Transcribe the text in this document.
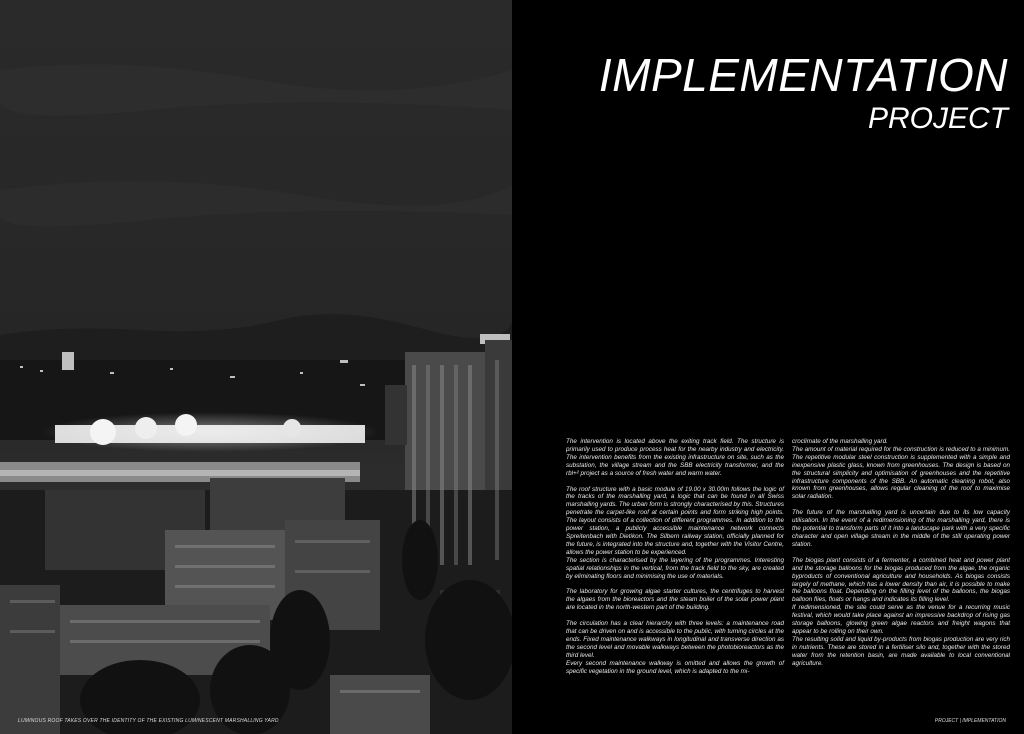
IMPLEMENTATION
PROJECT

The intervention is located above the exiting track field. The structure is primarily used to produce process heat for the nearby industry and electricity. The intervention benefits from the existing infrastructure on site, such as the substation, the village stream and the SBB electricity transformer, and the rbl+² project as a source of fresh water and warm water.

The roof structure with a basic module of 19.00 x 30.00m follows the logic of the tracks of the marshalling yard, a logic that can be found in all Swiss marshalling yards. The urban form is strongly characterised by this. Structures penetrate the carpet-like roof at certain points and form striking high points. The layout consists of a collection of different programmes. In addition to the power station, a publicly accessible maintenance network connects Spreitenbach with Dietikon. The Silbern railway station, officially planned for the future, is integrated into the structure and, together with the Visitor Centre, allows the power station to be experienced.
The section is characterised by the layering of the programmes. Interesting spatial relationships in the vertical, from the track field to the sky, are created by eliminating floors and minimising the use of materials.

The laboratory for growing algae starter cultures, the centrifuges to harvest the algaes from the bioreactors and the steam boiler of the solar power plant are located in the north-western part of the building.

The circulation has a clear hierarchy with three levels: a maintenance road that can be driven on and is accessible to the public, with turning circles at the ends. Fixed maintenance walkways in longitudinal and transverse direction as the second level and movable walkways between the photobioreactors as the third level.
Every second maintenance walkway is omitted and allows the growth of specific vegetation in the ground level, which is adapted to the mi-

croclimate of the marshalling yard.
The amount of material required for the construction is reduced to a minimum. The repetitive modular steel construction is supplemented with a simple and inexpensive plastic glass, known from greenhouses. The design is based on the structural simplicity and optimisation of greenhouses and the repetitive infrastructure components of the SBB. An automatic cleaning robot, also known from greenhouses, allows regular cleaning of the roof to maximise solar radiation.

The future of the marshalling yard is uncertain due to its low capacity utilisation. In the event of a redimensioning of the marshalling yard, there is the potential to transform parts of it into a landscape park with a very specific character and open village stream in the middle of the still operating power station.

The biogas plant consists of a fermenter, a combined heat and power plant and the storage balloons for the biogas produced from the algae, the organic byproducts of conventional agriculture and households. As biogas consists largely of methane, which has a lower density than air, it is possible to make the balloons float. Depending on the filling level of the balloons, the biogas balloon flies, floats or hangs and indicates its filling level.
If redimensioned, the site could serve as the venue for a recurring music festival, which would take place against an impressive backdrop of rising gas storage balloons, glowing green algae reactors and freight wagons that appear to be rolling on their own.
The resulting solid and liquid by-products from biogas production are very rich in nutrients. These are stored in a fertiliser silo and, together with the stored water from the retention basin, are made available to local conventional agriculture.

PROJECT | IMPLEMENTATION
LUMINOUS ROOF TAKES OVER THE IDENTITY OF THE EXISTING LUMINESCENT MARSHALLING YARD
